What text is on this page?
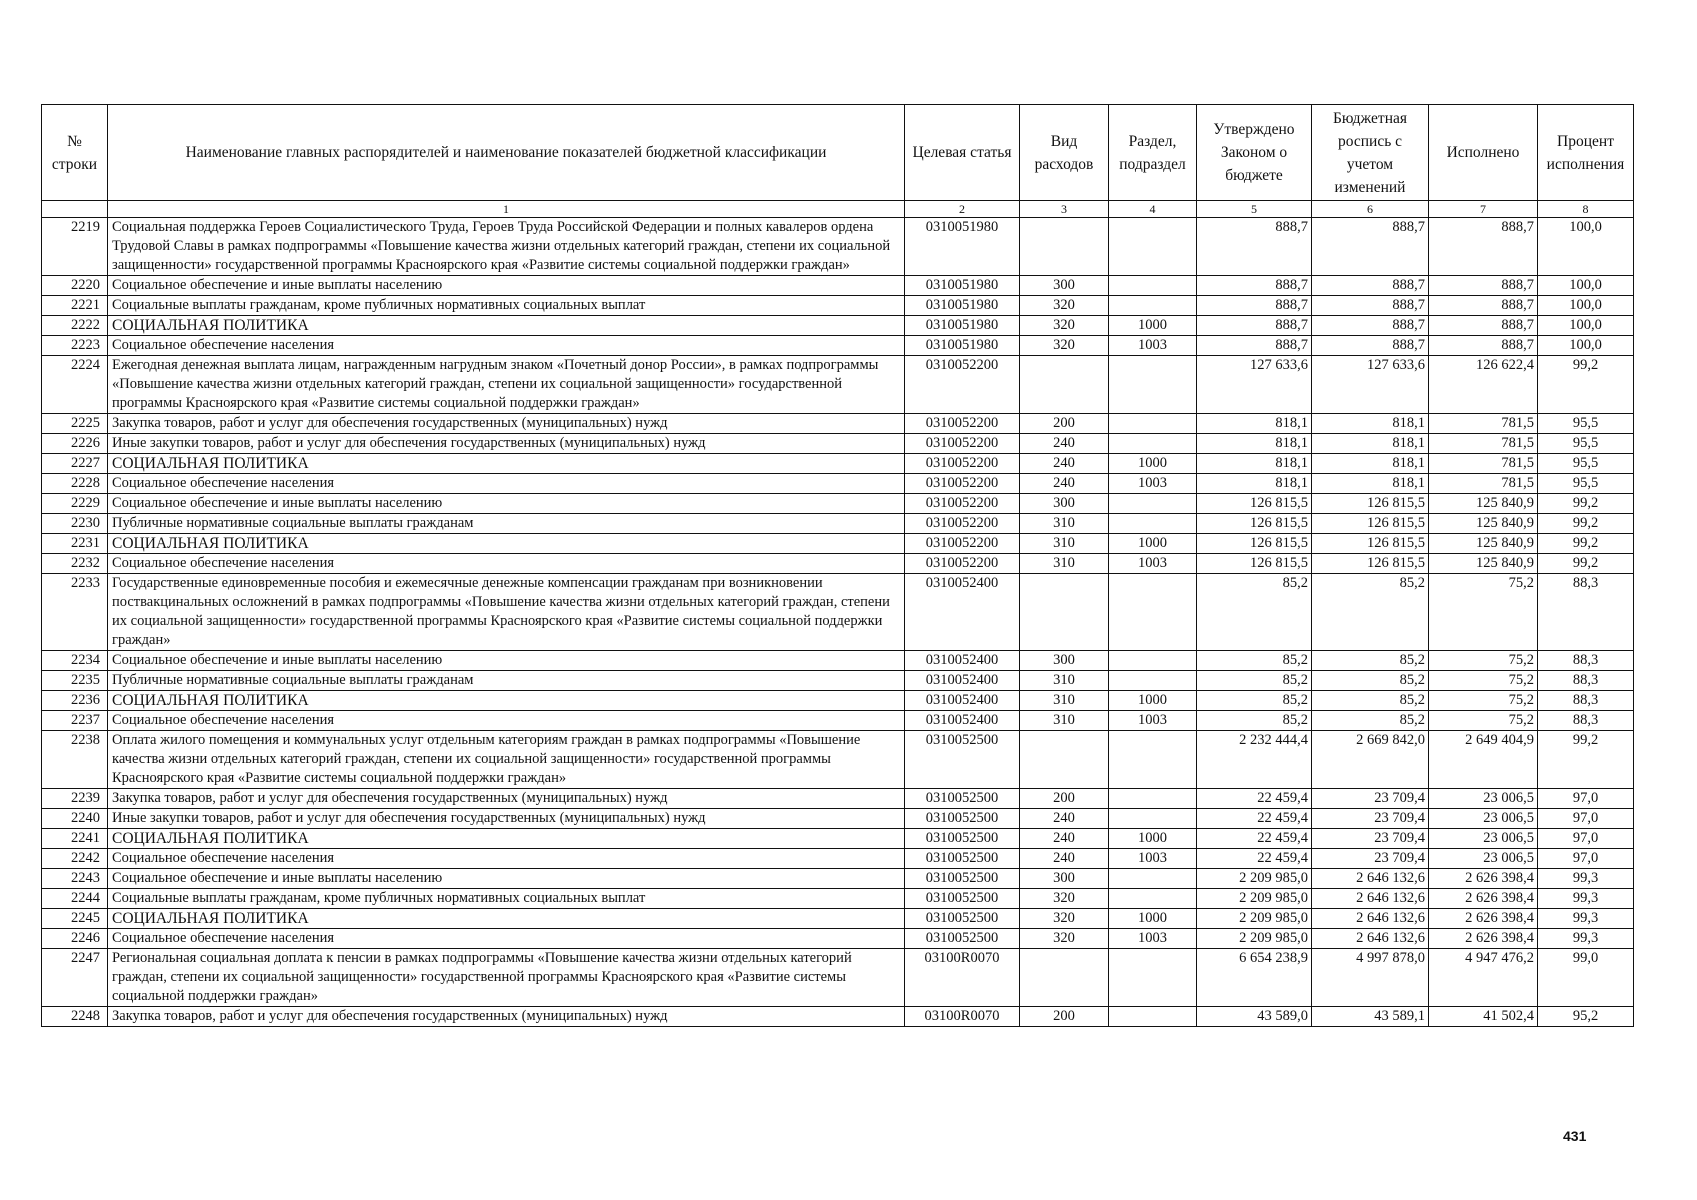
№ строки	Наименование главных распорядителей и наименование показателей бюджетной классификации	Целевая статья	Вид расходов	Раздел, подраздел	Утверждено Законом о бюджете	Бюджетная роспись с учетом изменений	Исполнено	Процент исполнения
	1	2	3	4	5	6	7	8
2219	Социальная поддержка Героев Социалистического Труда, Героев Труда Российской Федерации и полных кавалеров ордена Трудовой Славы в рамках подпрограммы «Повышение качества жизни отдельных категорий граждан, степени их социальной защищенности» государственной программы Красноярского края «Развитие системы социальной поддержки граждан»	0310051980			888,7	888,7	888,7	100,0
2220	Социальное обеспечение и иные выплаты населению	0310051980	300		888,7	888,7	888,7	100,0
2221	Социальные выплаты гражданам, кроме публичных нормативных социальных выплат	0310051980	320		888,7	888,7	888,7	100,0
2222	СОЦИАЛЬНАЯ ПОЛИТИКА	0310051980	320	1000	888,7	888,7	888,7	100,0
2223	Социальное обеспечение населения	0310051980	320	1003	888,7	888,7	888,7	100,0
2224	Ежегодная денежная выплата лицам, награжденным нагрудным знаком «Почетный донор России», в рамках подпрограммы «Повышение качества жизни отдельных категорий граждан, степени их социальной защищенности» государственной программы Красноярского края «Развитие системы социальной поддержки граждан»	0310052200			127 633,6	127 633,6	126 622,4	99,2
2225	Закупка товаров, работ и услуг для обеспечения государственных (муниципальных) нужд	0310052200	200		818,1	818,1	781,5	95,5
2226	Иные закупки товаров, работ и услуг для обеспечения государственных (муниципальных) нужд	0310052200	240		818,1	818,1	781,5	95,5
2227	СОЦИАЛЬНАЯ ПОЛИТИКА	0310052200	240	1000	818,1	818,1	781,5	95,5
2228	Социальное обеспечение населения	0310052200	240	1003	818,1	818,1	781,5	95,5
2229	Социальное обеспечение и иные выплаты населению	0310052200	300		126 815,5	126 815,5	125 840,9	99,2
2230	Публичные нормативные социальные выплаты гражданам	0310052200	310		126 815,5	126 815,5	125 840,9	99,2
2231	СОЦИАЛЬНАЯ ПОЛИТИКА	0310052200	310	1000	126 815,5	126 815,5	125 840,9	99,2
2232	Социальное обеспечение населения	0310052200	310	1003	126 815,5	126 815,5	125 840,9	99,2
2233	Государственные единовременные пособия и ежемесячные денежные компенсации гражданам при возникновении поствакцинальных осложнений в рамках подпрограммы «Повышение качества жизни отдельных категорий граждан, степени их социальной защищенности» государственной программы Красноярского края «Развитие системы социальной поддержки граждан»	0310052400			85,2	85,2	75,2	88,3
2234	Социальное обеспечение и иные выплаты населению	0310052400	300		85,2	85,2	75,2	88,3
2235	Публичные нормативные социальные выплаты гражданам	0310052400	310		85,2	85,2	75,2	88,3
2236	СОЦИАЛЬНАЯ ПОЛИТИКА	0310052400	310	1000	85,2	85,2	75,2	88,3
2237	Социальное обеспечение населения	0310052400	310	1003	85,2	85,2	75,2	88,3
2238	Оплата жилого помещения и коммунальных услуг отдельным категориям граждан в рамках подпрограммы «Повышение качества жизни отдельных категорий граждан, степени их социальной защищенности» государственной программы Красноярского края «Развитие системы социальной поддержки граждан»	0310052500			2 232 444,4	2 669 842,0	2 649 404,9	99,2
2239	Закупка товаров, работ и услуг для обеспечения государственных (муниципальных) нужд	0310052500	200		22 459,4	23 709,4	23 006,5	97,0
2240	Иные закупки товаров, работ и услуг для обеспечения государственных (муниципальных) нужд	0310052500	240		22 459,4	23 709,4	23 006,5	97,0
2241	СОЦИАЛЬНАЯ ПОЛИТИКА	0310052500	240	1000	22 459,4	23 709,4	23 006,5	97,0
2242	Социальное обеспечение населения	0310052500	240	1003	22 459,4	23 709,4	23 006,5	97,0
2243	Социальное обеспечение и иные выплаты населению	0310052500	300		2 209 985,0	2 646 132,6	2 626 398,4	99,3
2244	Социальные выплаты гражданам, кроме публичных нормативных социальных выплат	0310052500	320		2 209 985,0	2 646 132,6	2 626 398,4	99,3
2245	СОЦИАЛЬНАЯ ПОЛИТИКА	0310052500	320	1000	2 209 985,0	2 646 132,6	2 626 398,4	99,3
2246	Социальное обеспечение населения	0310052500	320	1003	2 209 985,0	2 646 132,6	2 626 398,4	99,3
2247	Региональная социальная доплата к пенсии в рамках подпрограммы «Повышение качества жизни отдельных категорий граждан, степени их социальной защищенности» государственной программы Красноярского края «Развитие системы социальной поддержки граждан»	03100R0070			6 654 238,9	4 997 878,0	4 947 476,2	99,0
2248	Закупка товаров, работ и услуг для обеспечения государственных (муниципальных) нужд	03100R0070	200		43 589,0	43 589,1	41 502,4	95,2
431
